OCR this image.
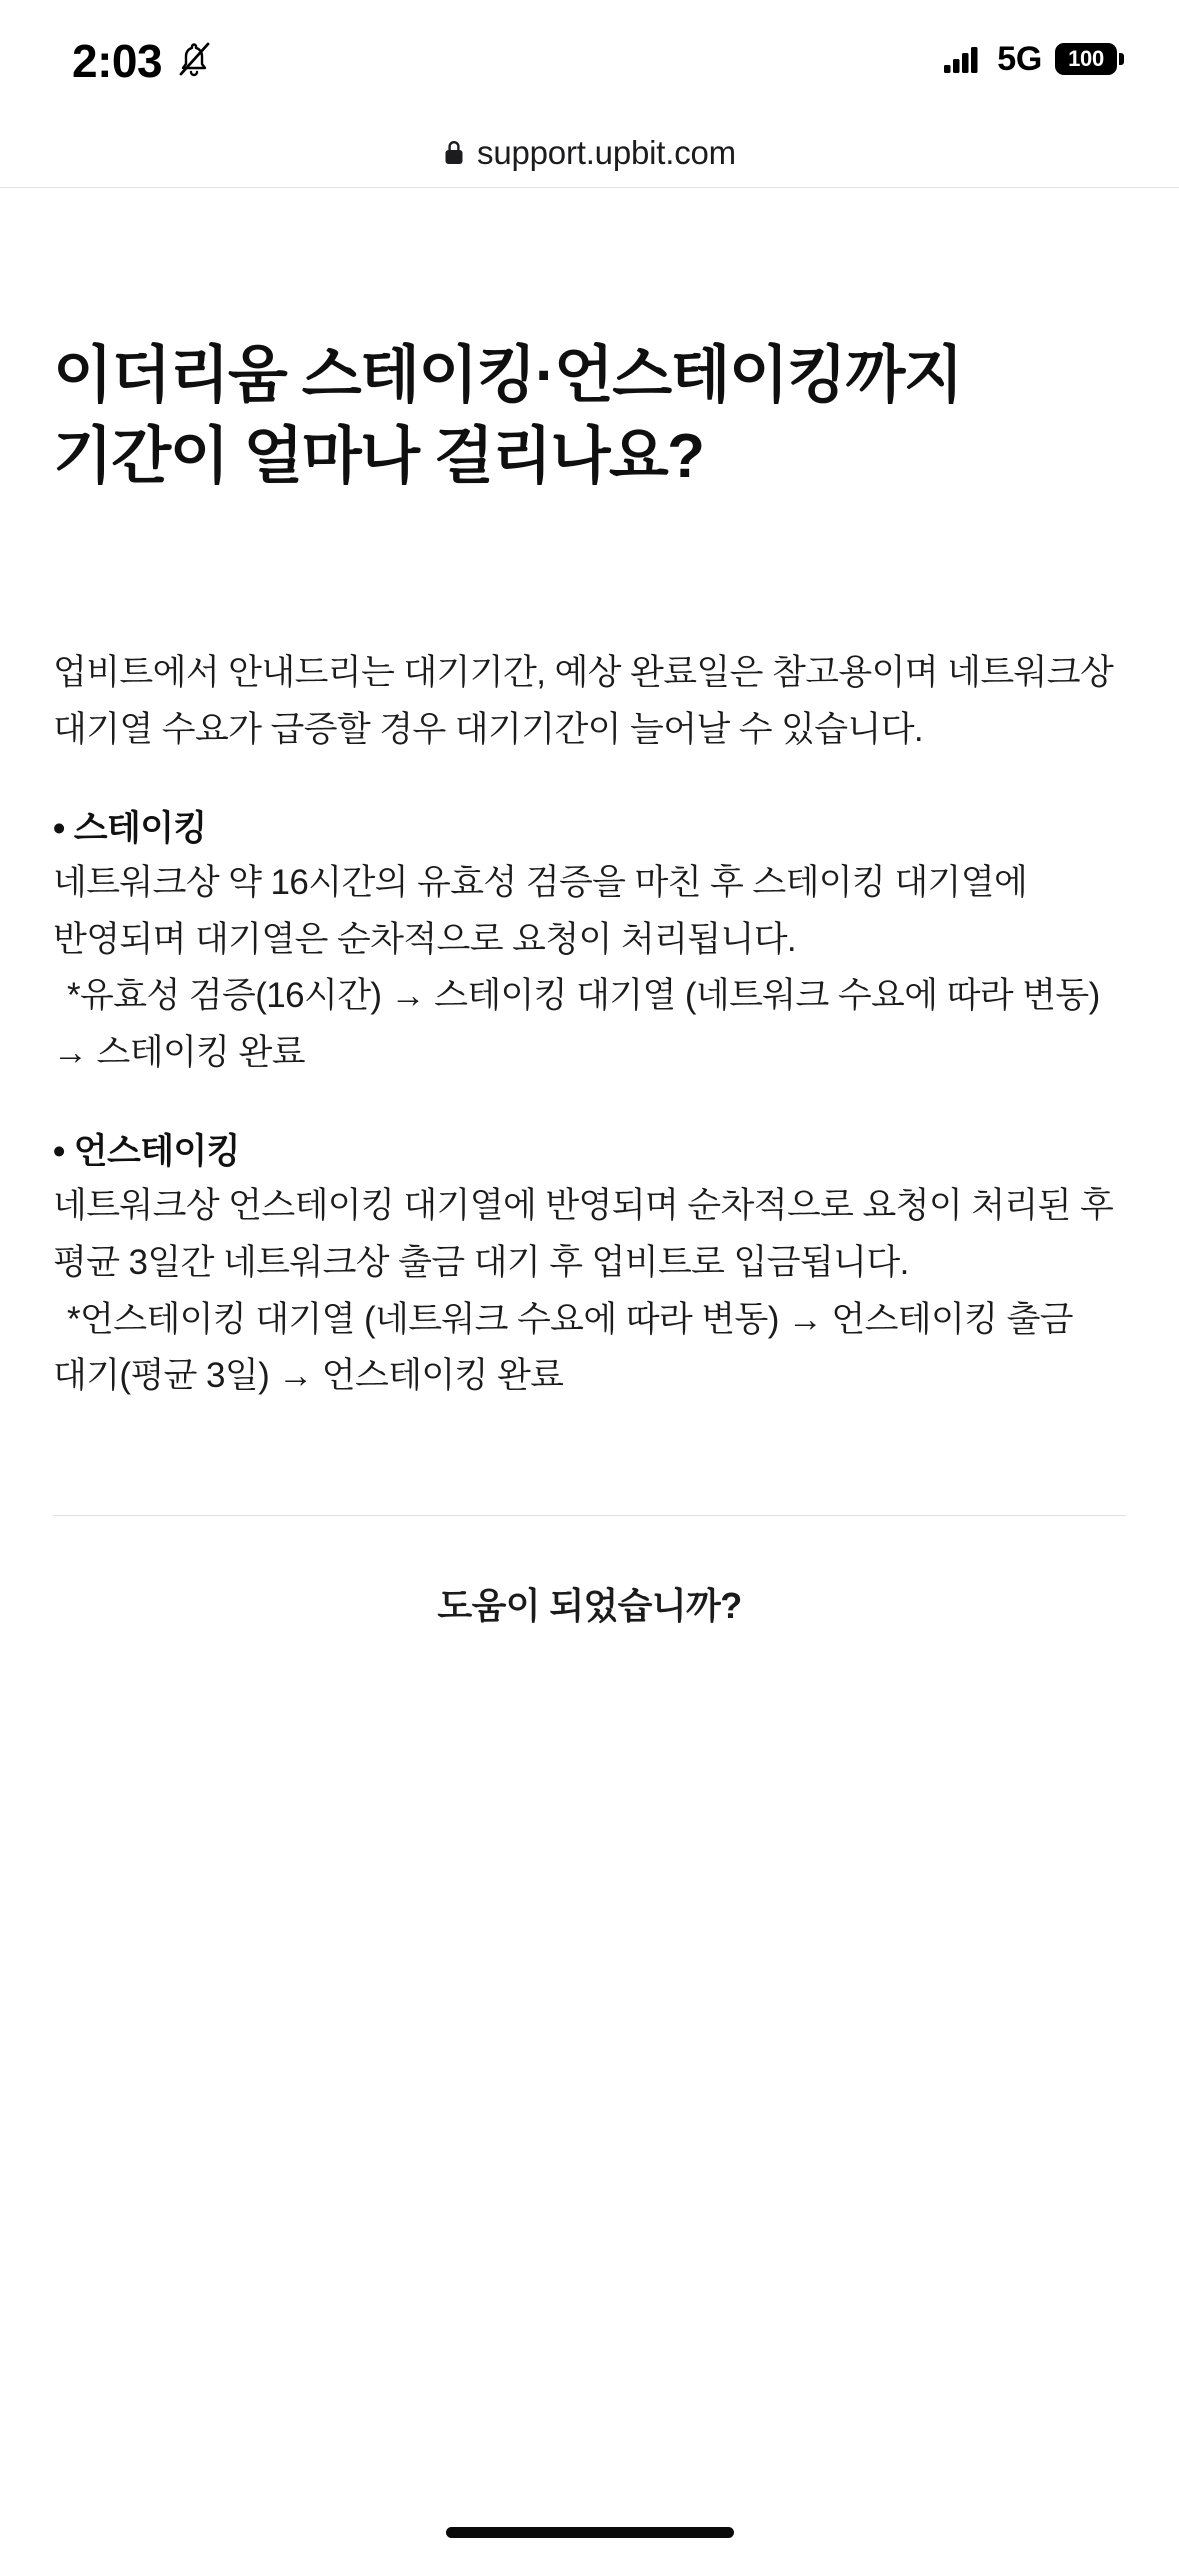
2:03	5G 100
support.upbit.com
이더리움 스테이킹·언스테이킹까지 기간이 얼마나 걸리나요?

업비트에서 안내드리는 대기기간, 예상 완료일은 참고용이며 네트워크상 대기열 수요가 급증할 경우 대기기간이 늘어날 수 있습니다.

• 스테이킹
네트워크상 약 16시간의 유효성 검증을 마친 후 스테이킹 대기열에 반영되며 대기열은 순차적으로 요청이 처리됩니다.
*유효성 검증(16시간) → 스테이킹 대기열 (네트워크 수요에 따라 변동) → 스테이킹 완료
• 언스테이킹
네트워크상 언스테이킹 대기열에 반영되며 순차적으로 요청이 처리된 후 평균 3일간 네트워크상 출금 대기 후 업비트로 입금됩니다.
*언스테이킹 대기열 (네트워크 수요에 따라 변동) → 언스테이킹 출금 대기(평균 3일) → 언스테이킹 완료
도움이 되었습니까?
